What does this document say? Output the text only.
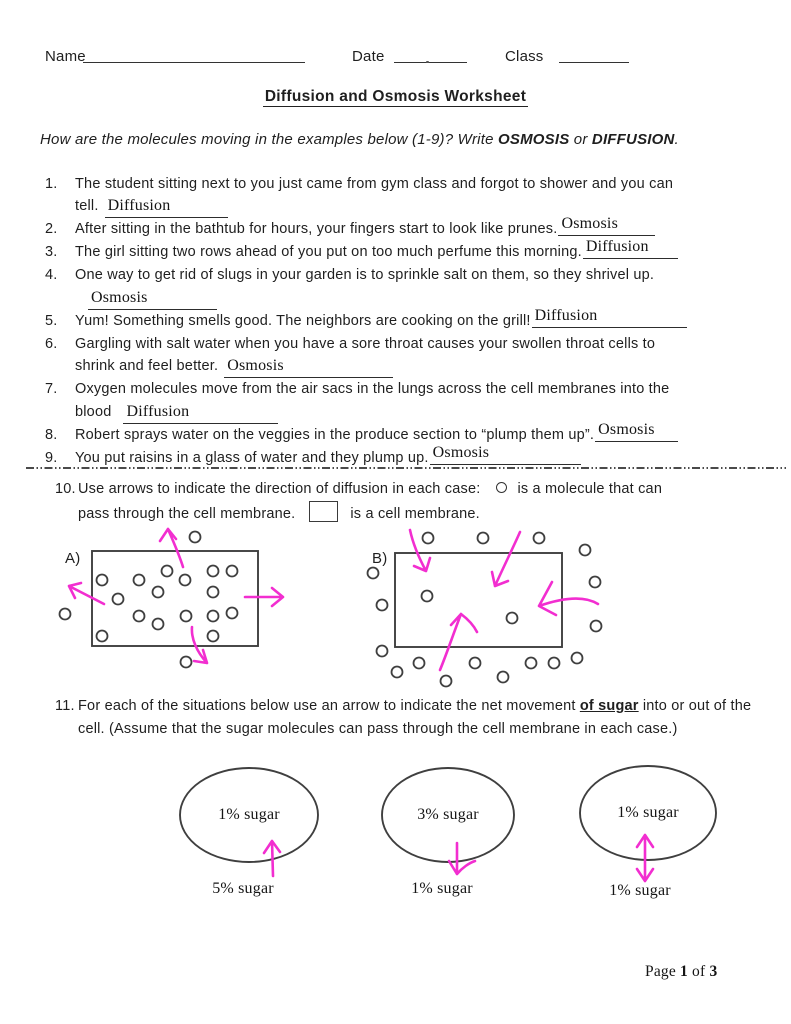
Name	Date	Class
Diffusion and Osmosis Worksheet
How are the molecules moving in the examples below (1-9)? Write OSMOSIS or DIFFUSION.
1.	The student sitting next to you just came from gym class and forgot to shower and you can
tell. Diffusion
2.	After sitting in the bathtub for hours, your fingers start to look like prunes. Osmosis
3.	The girl sitting two rows ahead of you put on too much perfume this morning. Diffusion
4.	One way to get rid of slugs in your garden is to sprinkle salt on them, so they shrivel up.
Osmosis
5.	Yum! Something smells good. The neighbors are cooking on the grill! Diffusion
6.	Gargling with salt water when you have a sore throat causes your swollen throat cells to
shrink and feel better. Osmosis
7.	Oxygen molecules move from the air sacs in the lungs across the cell membranes into the
blood Diffusion
8.	Robert sprays water on the veggies in the produce section to “plump them up”. Osmosis
9.	You put raisins in a glass of water and they plump up. Osmosis
10. Use arrows to indicate the direction of diffusion in each case:	is a molecule that can
pass through the cell membrane.	is a cell membrane.
A)	B)
11. For each of the situations below use an arrow to indicate the net movement of sugar into or out of the cell. (Assume that the sugar molecules can pass through the cell membrane in each case.)

1% sugar
5% sugar
3% sugar
1% sugar
1% sugar
1% sugar
Page 1 of 3
